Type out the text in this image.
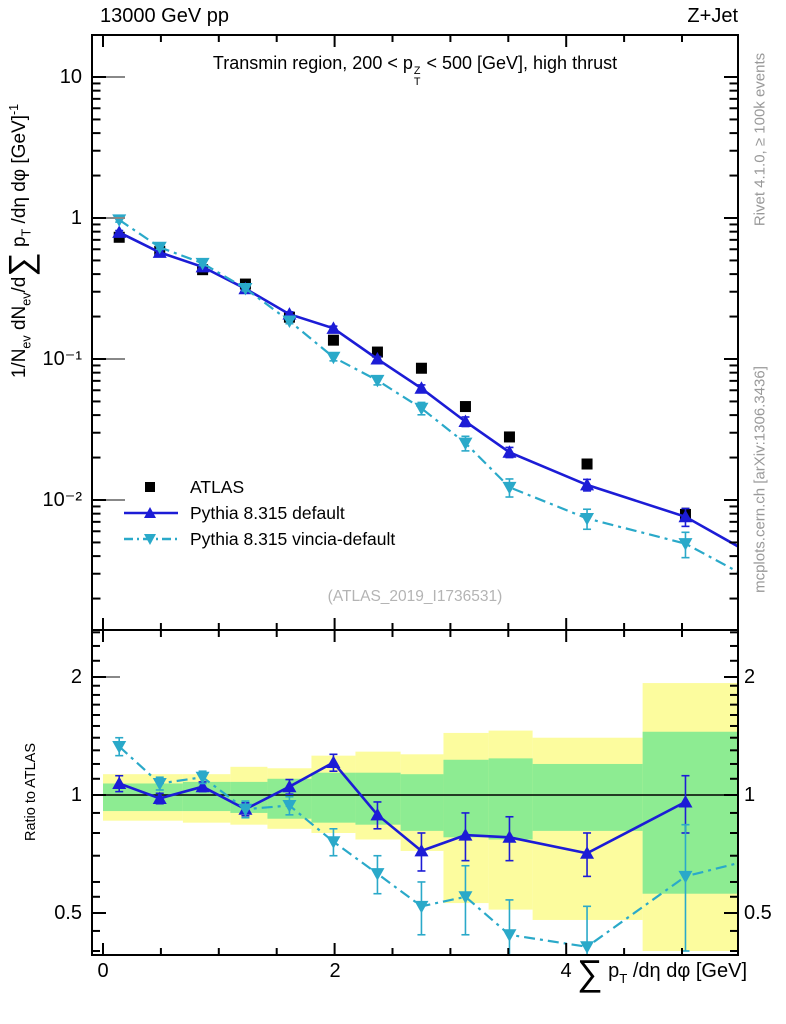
13000 GeV pp	Z+Jet
Transmin region, 200 < p Z
T
< 500 [GeV], high thrust
$1/N_{ev}$ $dN_{ev}/d\sum$ $p_T$ /dη dφ [GeV]$^{-1}$
Ratio to ATLAS
∑ $p_T$ /dη dφ [GeV]
Rivet 4.1.0, ≥ 100k events
mcplots.cern.ch [arXiv:1306.3436]
(ATLAS_2019_I1736531)
ATLAS
Pythia 8.315 default
Pythia 8.315 vincia-default
10
1
10⁻¹
10⁻²
2	2
1	1
0.5	0.5
0	2	4
